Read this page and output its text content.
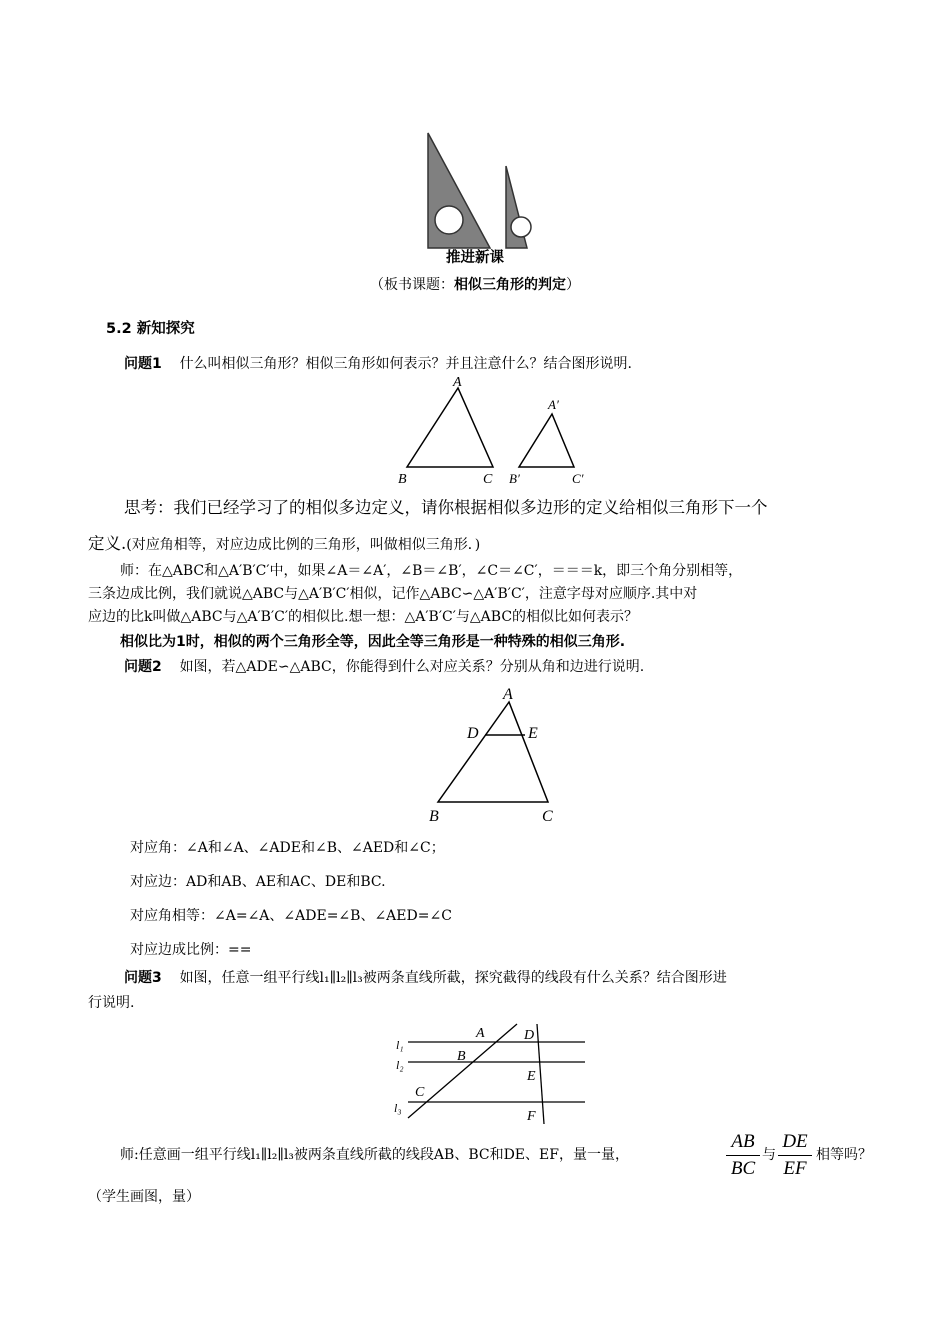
推进新课
（板书课题：相似三角形的判定）
5.2 新知探究
问题1 什么叫相似三角形？相似三角形如何表示？并且注意什么？结合图形说明.
A
B	C
A′
B′	C′
思考：我们已经学习了的相似多边定义，请你根据相似多边形的定义给相似三角形下一个
定义.(对应角相等，对应边成比例的三角形，叫做相似三角形．)
师：在△ABC和△A′B′C′中，如果∠A＝∠A′，∠B＝∠B′，∠C＝∠C′，＝＝＝k，即三个角分别相等，
三条边成比例，我们就说△ABC与△A′B′C′相似，记作△ABC∽△A′B′C′，注意字母对应顺序.其中对
应边的比k叫做△ABC与△A′B′C′的相似比.想一想：△A′B′C′与△ABC的相似比如何表示？
相似比为1时，相似的两个三角形全等，因此全等三角形是一种特殊的相似三角形.
问题2 如图，若△ADE∽△ABC，你能得到什么对应关系？分别从角和边进行说明.
A
D	E
B	C
对应角：∠A和∠A、∠ADE和∠B、∠AED和∠C；
对应边：AD和AB、AE和AC、DE和BC.
对应角相等：∠A=∠A、∠ADE=∠B、∠AED=∠C
对应边成比例：==
问题3 如图，任意一组平行线l₁∥l₂∥l₃被两条直线所截，探究截得的线段有什么关系？结合图形进
行说明.
l₁
l₂
l₃
A
B
C
D
E
F
师:任意画一组平行线l₁∥l₂∥l₃被两条直线所截的线段AB、BC和DE、EF，量一量，
AB
BC
与
DE
EF
相等吗？
（学生画图，量）
